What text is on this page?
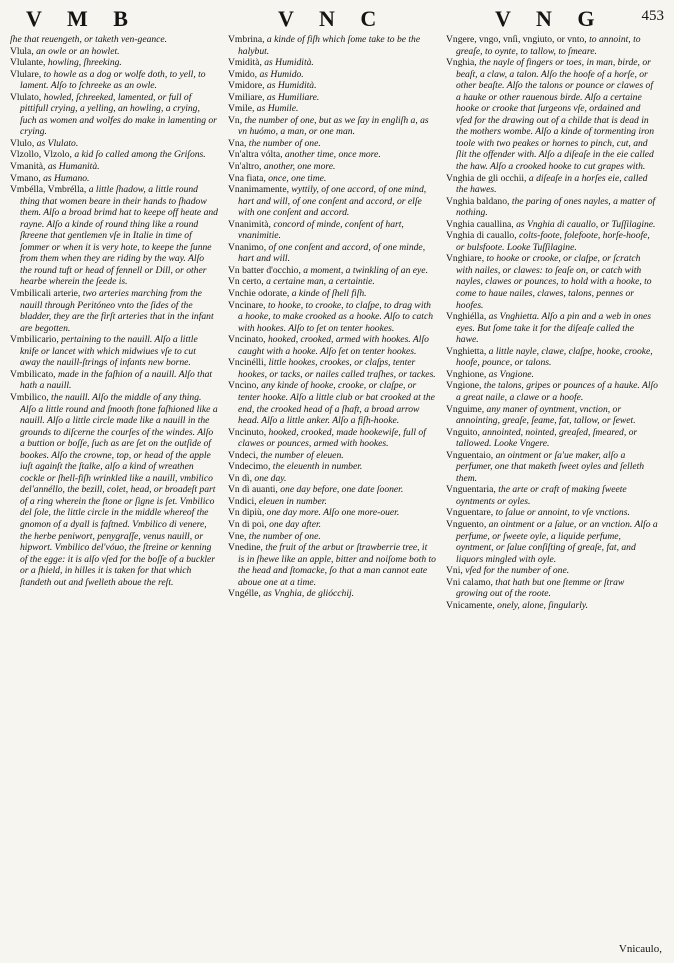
V M B	V N C	V N G 453

ſhe that reuengeth, or taketh ven-geance.

Vlula, an owle or an howlet.

Vlulante, howling, ſhreeking.

Vlulare, to howle as a dog or wolfe doth, to yell, to lament. Alſo to ſchreeke as an owle.

Vlulato, howled, ſchreeked, lamented, or full of pittifull crying, a yelling, an howling, a crying, ſuch as women and wolfes do make in lamenting or crying.

Vlulo, as Vlulato.

Vlzollo, Vlzolo, a kid ſo called among the Griſons.

Vmanità, as Humanità.

Vmano, as Humano.

Vmbélla, Vmbrélla, a little ſhadow, a little round thing that women beare in their hands to ſhadow them. Alſo a broad brimd hat to keepe off heate and rayne. Alſo a kinde of round thing like a round ſkreene that gentlemen vſe in Italie in time of ſommer or when it is very hote, to keepe the ſunne from them when they are riding by the way. Alſo the round tuft or head of fennell or Dill, or other hearbe wherein the ſeede is.

Vmbilicali arterie, two arteries marching from the nauill through Peritóneo vnto the ſides of the bladder, they are the firſt arteries that in the infant are begotten.

Vmbilicario, pertaining to the nauill. Alſo a little knife or lancet with which midwiues vſe to cut away the nauill-ſtrings of infants new borne.

Vmbilicato, made in the faſhion of a nauill. Alſo that hath a nauill.

Vmbilico, the nauill. Alſo the middle of any thing. Alſo a little round and ſmooth ſtone faſhioned like a nauill. Alſo a little circle made like a nauill in the grounds to diſcerne the courſes of the windes. Alſo a buttion or boſſe, ſuch as are ſet on the outſide of bookes. Alſo the crowne, top, or head of the apple iuſt againſt the ſtalke, alſo a kind of wreathen cockle or ſhell-fiſh wrinkled like a nauill, vmbilico del'annéllo, the bezill, colet, head, or broadeſt part of a ring wherein the ſtone or ſigne is ſet. Vmbilico del ſole, the little circle in the middle whereof the gnomon of a dyall is faſtned. Vmbilico di venere, the herbe peniwort, penygraſſe, venus nauill, or hipwort. Vmbilico del'vóuo, the ſtreine or kenning of the egge: it is alſo vſed for the boſſe of a buckler or a ſhield, in hilles it is taken for that which ſtandeth out and ſwelleth aboue the reſt.

Vmbrina, a kinde of fiſh which ſome take to be the halybut.

Vmidità, as Humidità.

Vmido, as Humido.

Vmidore, as Humidità.

Vmiliare, as Humiliare.

Vmile, as Humile.

Vn, the number of one, but as we ſay in engliſh a, as vn huómo, a man, or one man.

Vna, the number of one.

Vn'altra vólta, another time, once more.

Vn'altro, another, one more.

Vna fiata, once, one time.

Vnanimamente, wyttily, of one accord, of one mind, hart and will, of one conſent and accord, or elſe with one conſent and accord.

Vnanimità, concord of minde, conſent of hart, vnanimitie.

Vnanimo, of one conſent and accord, of one minde, hart and will.

Vn batter d'occhio, a moment, a twinkling of an eye.

Vn certo, a certaine man, a certaintie.

Vnchie odorate, a kinde of ſhell fiſh.

Vncinare, to hooke, to crooke, to claſpe, to drag with a hooke, to make crooked as a hooke. Alſo to catch with hookes. Alſo to ſet on tenter hookes.

Vncinato, hooked, crooked, armed with hookes. Alſo caught with a hooke. Alſo ſet on tenter hookes.

Vncinélli, little hookes, crookes, or claſps, tenter hookes, or tacks, or nailes called traſhes, or tackes.

Vncino, any kinde of hooke, crooke, or claſpe, or tenter hooke. Alſo a little club or bat crooked at the end, the crooked head of a ſhaft, a broad arrow head. Alſo a little anker. Alſo a fiſh-hooke.

Vncinuto, hooked, crooked, made hookewiſe, full of clawes or pounces, armed with hookes.

Vndeci, the number of eleuen.

Vndecimo, the eleuenth in number.

Vn dì, one day.

Vn dì auanti, one day before, one date ſooner.

Vndici, eleuen in number.

Vn dipiù, one day more. Alſo one more-ouer.

Vn di poi, one day after.

Vne, the number of one.

Vnedine, the fruit of the arbut or ſtrawberrie tree, it is in ſhewe like an apple, bitter and noiſome both to the head and ſtomacke, ſo that a man cannot eate aboue one at a time.

Vngélle, as Vnghia, de gliócchij.

Vngere, vngo, vnſi, vngiuto, or vnto, to annoint, to greaſe, to oynte, to tallow, to ſmeare.

Vnghia, the nayle of fingers or toes, in man, birde, or beaſt, a claw, a talon. Alſo the hoofe of a horſe, or other beaſte. Alſo the talons or pounce or clawes of a hauke or other rauenous birde. Alſo a certaine hooke or crooke that ſurgeons vſe, ordained and vſed for the drawing out of a childe that is dead in the mothers wombe. Alſo a kinde of tormenting iron toole with two peakes or hornes to pinch, cut, and ſlit the offender with. Alſo a diſeaſe in the eie called the haw. Alſo a crooked hooke to cut grapes with.

Vnghia de gli occhii, a diſeaſe in a horſes eie, called the hawes.

Vnghia baldano, the paring of ones nayles, a matter of nothing.

Vnghia cauallina, as Vnghia di cauallo, or Tuſſilagine.

Vnghia di cauallo, colts-foote, folefoote, horſe-hoofe, or bulsfoote. Looke Tuſſilagine.

Vnghiare, to hooke or crooke, or claſpe, or ſcratch with nailes, or clawes: to ſeaſe on, or catch with nayles, clawes or pounces, to hold with a hooke, to come to haue nailes, clawes, talons, pennes or hoofes.

Vnghiélla, as Vnghietta. Alſo a pin and a web in ones eyes. But ſome take it for the diſeaſe called the hawe.

Vnghietta, a little nayle, clawe, claſpe, hooke, crooke, hoofe, pounce, or talons.

Vnghione, as Vngione.

Vngione, the talons, gripes or pounces of a hauke. Alſo a great naile, a clawe or a hoofe.

Vnguime, any maner of oyntment, vnction, or annointing, greaſe, ſeame, fat, tallow, or ſewet.

Vnguito, annointed, nointed, greaſed, ſmeared, or tallowed. Looke Vngere.

Vnguentaio, an ointment or ſa'ue maker, alſo a perfumer, one that maketh ſweet oyles and ſelleth them.

Vnguentaria, the arte or craft of making ſweete oyntments or oyles.

Vnguentare, to ſalue or annoint, to vſe vnctions.

Vnguento, an ointment or a ſalue, or an vnction. Alſo a perfume, or ſweete oyle, a liquide perfume, oyntment, or ſalue conſiſting of greaſe, fat, and liquors mingled with oyle.

Vni, vſed for the number of one.

Vni calamo, that hath but one ſtemme or ſtraw growing out of the roote.

Vnicamente, onely, alone, ſingularly.

Vnicaulo,
